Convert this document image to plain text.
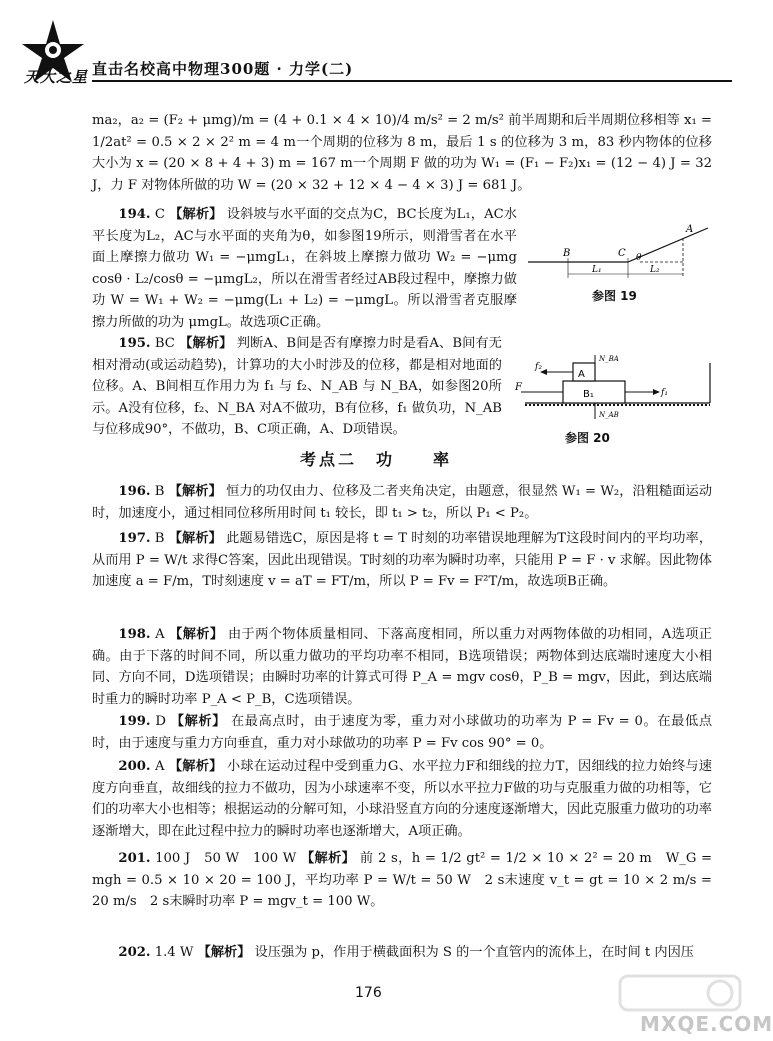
天大之星 直击名校高中物理300题 · 力学(二)

ma₂，a₂ = (F₂ + μmg)/m = (4 + 0.1 × 4 × 10)/4 m/s² = 2 m/s² 前半周期和后半周期位移相等 x₁ = 1/2at² = 0.5 × 2 × 2² m = 4 m一个周期的位移为 8 m，最后 1 s 的位移为 3 m，83 秒内物体的位移大小为 x = (20 × 8 + 4 + 3) m = 167 m一个周期 F 做的功为 W₁ = (F₁ − F₂)x₁ = (12 − 4) J = 32 J，力 F 对物体所做的功 W = (20 × 32 + 12 × 4 − 4 × 3) J = 681 J。

194. C 【解析】 设斜坡与水平面的交点为C，BC长度为L₁，AC水平长度为L₂，AC与水平面的夹角为θ，如参图19所示，则滑雪者在水平面上摩擦力做功 W₁ = −μmgL₁，在斜坡上摩擦力做功 W₂ = −μmg cosθ · L₂/cosθ = −μmgL₂，所以在滑雪者经过AB段过程中，摩擦力做功 W = W₁ + W₂ = −μmg(L₁ + L₂) = −μmgL。所以滑雪者克服摩擦力所做的功为 μmgL。故选项C正确。

B	C θ
A
L₁	L₂
参图 19

195. BC 【解析】 判断A、B间是否有摩擦力时是看A、B间有无相对滑动(或运动趋势)，计算功的大小时涉及的位移，都是相对地面的位移。A、B间相互作用力为 f₁ 与 f₂、N_AB 与 N_BA，如参图20所示。A没有位移，f₂、N_BA 对A不做功，B有位移，f₁ 做负功，N_AB 与位移成90°，不做功，B、C项正确，A、D项错误。

A
B₁
F	f₁
f₂
N_BA
N_AB
参图 20
考点二　功　　率

196. B 【解析】 恒力的功仅由力、位移及二者夹角决定，由题意，很显然 W₁ = W₂，沿粗糙面运动时，加速度小，通过相同位移所用时间 t₁ 较长，即 t₁ > t₂，所以 P₁ < P₂。

197. B 【解析】 此题易错选C，原因是将 t = T 时刻的功率错误地理解为T这段时间内的平均功率，从而用 P = W/t 求得C答案，因此出现错误。T时刻的功率为瞬时功率，只能用 P = F · v 求解。因此物体加速度 a = F/m，T时刻速度 v = aT = FT/m，所以 P = Fv = F²T/m，故选项B正确。

198. A 【解析】 由于两个物体质量相同、下落高度相同，所以重力对两物体做的功相同，A选项正确。由于下落的时间不同，所以重力做功的平均功率不相同，B选项错误；两物体到达底端时速度大小相同、方向不同，D选项错误；由瞬时功率的计算式可得 P_A = mgv cosθ，P_B = mgv，因此，到达底端时重力的瞬时功率 P_A < P_B，C选项错误。

199. D 【解析】 在最高点时，由于速度为零，重力对小球做功的功率为 P = Fv = 0。在最低点时，由于速度与重力方向垂直，重力对小球做功的功率 P = Fv cos 90° = 0。

200. A 【解析】 小球在运动过程中受到重力G、水平拉力F和细线的拉力T，因细线的拉力始终与速度方向垂直，故细线的拉力不做功，因为小球速率不变，所以水平拉力F做的功与克服重力做的功相等，它们的功率大小也相等；根据运动的分解可知，小球沿竖直方向的分速度逐渐增大，因此克服重力做功的功率逐渐增大，即在此过程中拉力的瞬时功率也逐渐增大，A项正确。

201. 100 J　50 W　100 W 【解析】 前 2 s，h = 1/2 gt² = 1/2 × 10 × 2² = 20 m　W_G = mgh = 0.5 × 10 × 20 = 100 J，平均功率 P = W/t = 50 W　2 s末速度 v_t = gt = 10 × 2 m/s = 20 m/s　2 s末瞬时功率 P = mgv_t = 100 W。

202. 1.4 W 【解析】 设压强为 p，作用于横截面积为 S 的一个直管内的流体上，在时间 t 内因压

176
MXQE.COM
